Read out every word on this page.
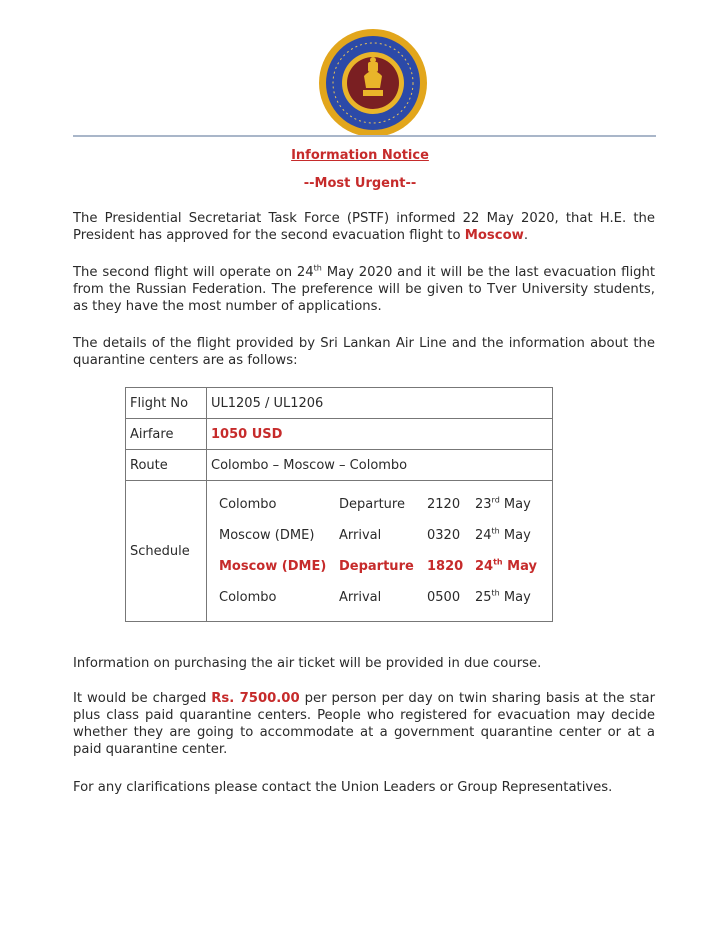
Information Notice
--Most Urgent--
The Presidential Secretariat Task Force (PSTF) informed 22 May 2020, that H.E. the President has approved for the second evacuation flight to Moscow.
The second flight will operate on 24th May 2020 and it will be the last evacuation flight from the Russian Federation. The preference will be given to Tver University students, as they have the most number of applications.
The details of the flight provided by Sri Lankan Air Line and the information about the quarantine centers are as follows:
Flight No	UL1205 / UL1206
Airfare	1050 USD
Route	Colombo – Moscow – Colombo
Schedule	
Colombo	Departure	2120	23rd May
Moscow (DME)	Arrival	0320	24th May
Moscow (DME)	Departure	1820	24th May
Colombo	Arrival	0500	25th May
Information on purchasing the air ticket will be provided in due course.
It would be charged Rs. 7500.00 per person per day on twin sharing basis at the star plus class paid quarantine centers. People who registered for evacuation may decide whether they are going to accommodate at a government quarantine center or at a paid quarantine center.
For any clarifications please contact the Union Leaders or Group Representatives.
